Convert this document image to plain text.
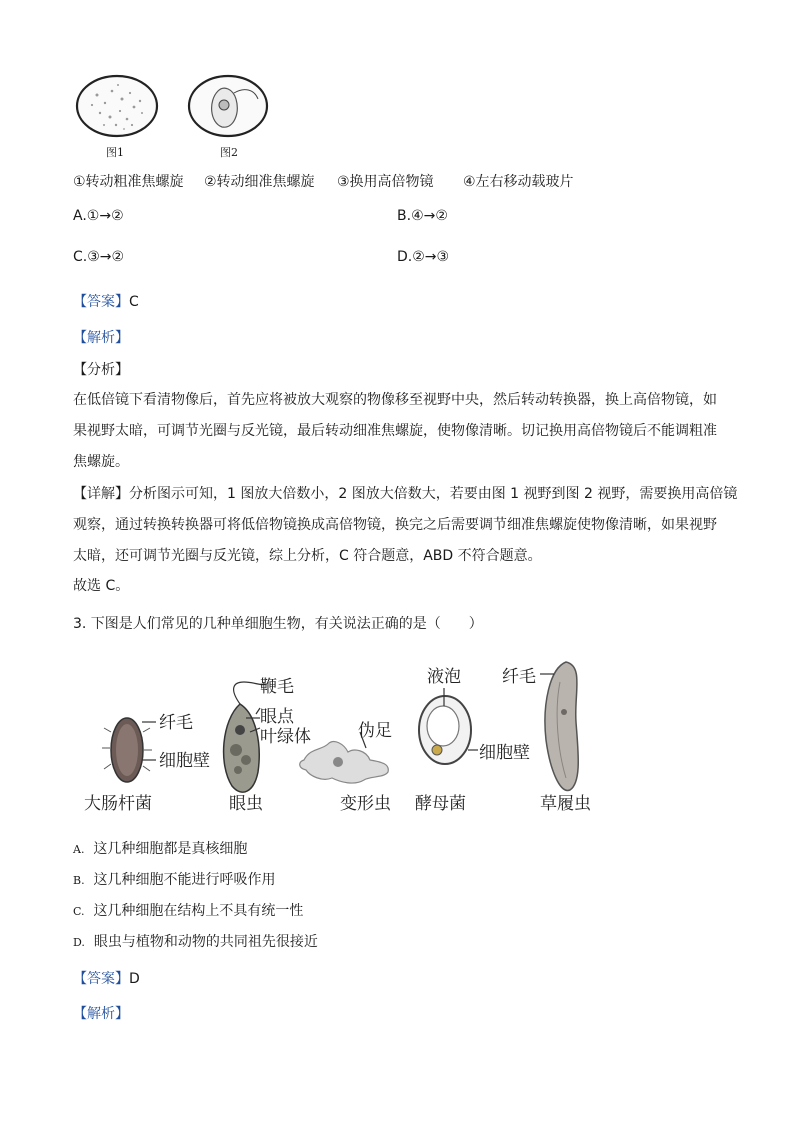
图1	图2
①转动粗准焦螺旋 ②转动细准焦螺旋 ③换用高倍物镜 ④左右移动载玻片
A.①→②	B.④→②
C.③→②	D.②→③
【答案】C
【解析】
【分析】
在低倍镜下看清物像后，首先应将被放大观察的物像移至视野中央，然后转动转换器，换上高倍物镜，如
果视野太暗，可调节光圈与反光镜，最后转动细准焦螺旋，使物像清晰。切记换用高倍物镜后不能调粗准
焦螺旋。
【详解】分析图示可知，1 图放大倍数小，2 图放大倍数大，若要由图 1 视野到图 2 视野，需要换用高倍镜
观察，通过转换转换器可将低倍物镜换成高倍物镜，换完之后需要调节细准焦螺旋使物像清晰，如果视野
太暗，还可调节光圈与反光镜，综上分析，C 符合题意，ABD 不符合题意。
故选 C。
3. 下图是人们常见的几种单细胞生物，有关说法正确的是（　　）
纤毛
细胞壁
大肠杆菌
鞭毛
眼点
叶绿体
眼虫
伪足
变形虫
液泡
细胞壁
酵母菌
纤毛
草履虫
A. 这几种细胞都是真核细胞
B. 这几种细胞不能进行呼吸作用
C. 这几种细胞在结构上不具有统一性
D. 眼虫与植物和动物的共同祖先很接近
【答案】D
【解析】
